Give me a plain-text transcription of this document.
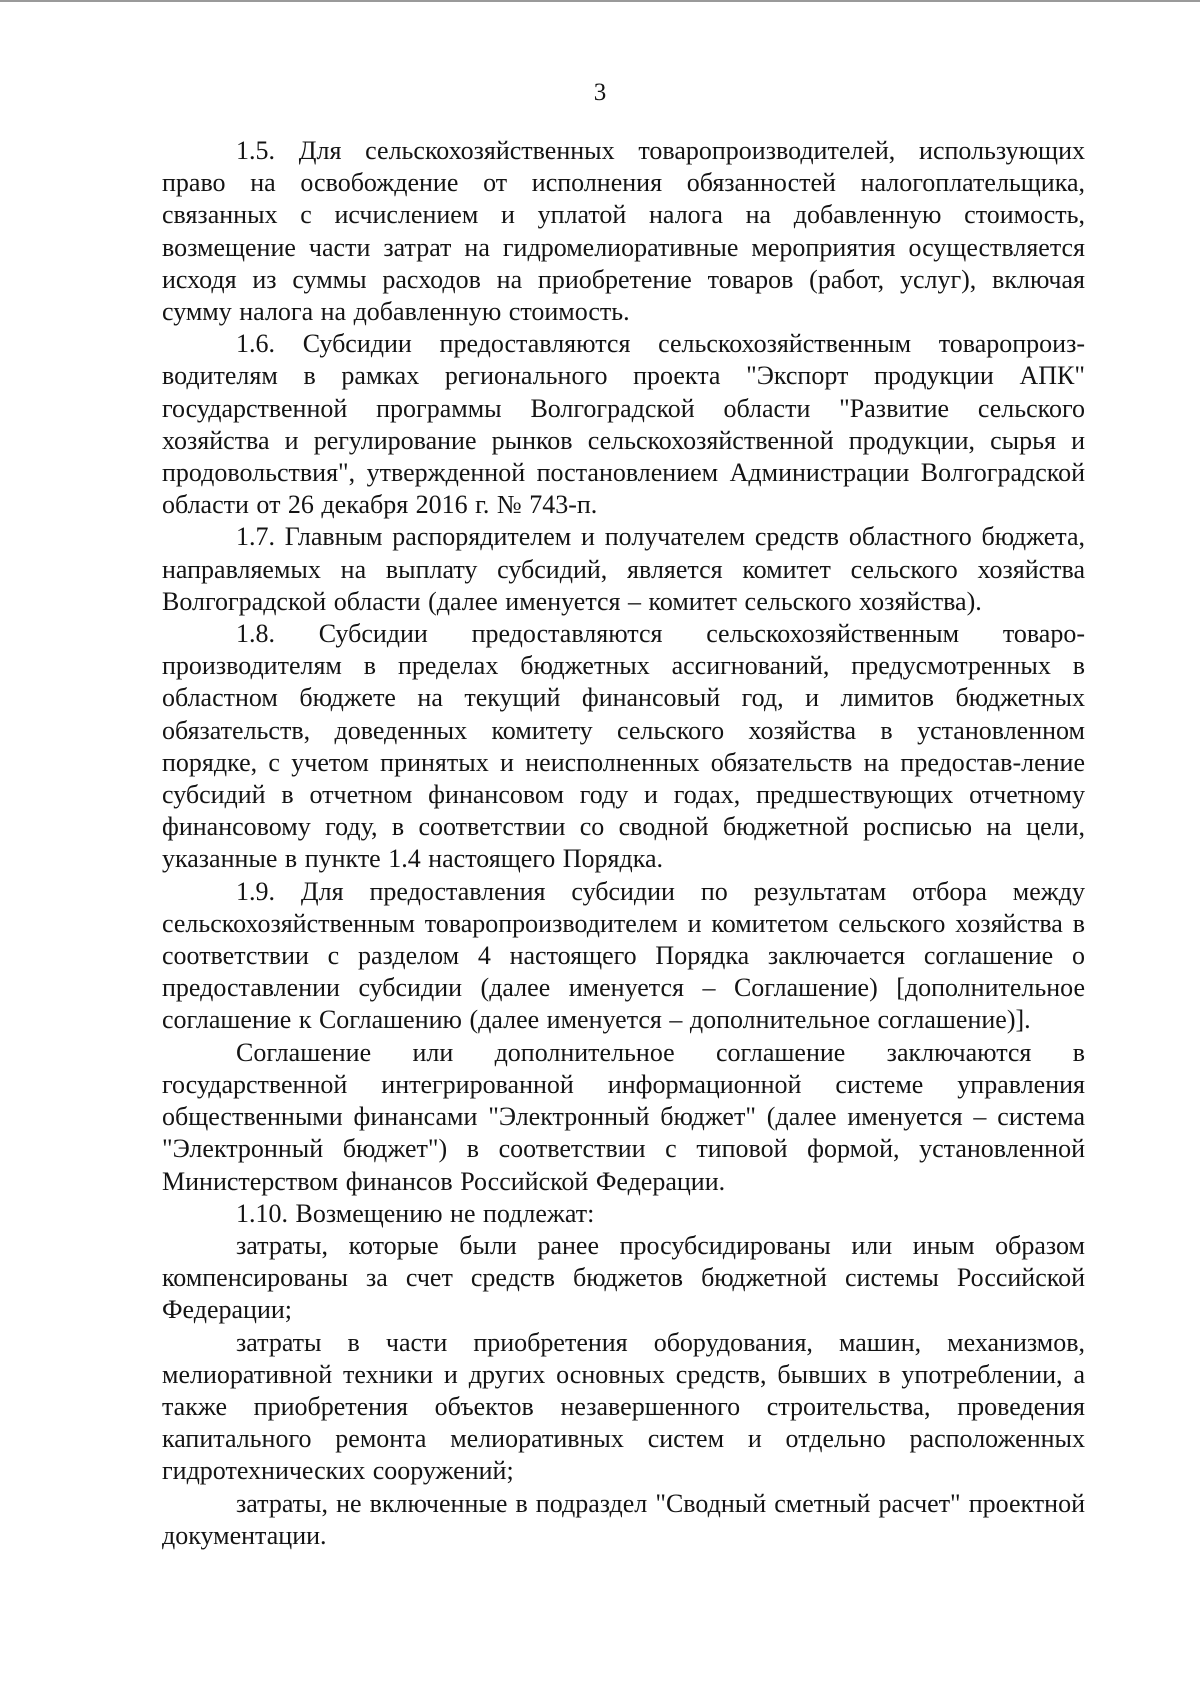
3

1.5. Для сельскохозяйственных товаропроизводителей, использующих право на освобождение от исполнения обязанностей налогоплательщика, связанных с исчислением и уплатой налога на добавленную стоимость, возмещение части затрат на гидромелиоративные мероприятия осуществляется исходя из суммы расходов на приобретение товаров (работ, услуг), включая сумму налога на добавленную стоимость.

1.6. Субсидии предоставляются сельскохозяйственным товаропроиз-водителям в рамках регионального проекта "Экспорт продукции АПК" государственной программы Волгоградской области "Развитие сельского хозяйства и регулирование рынков сельскохозяйственной продукции, сырья и продовольствия", утвержденной постановлением Администрации Волгоградской области от 26 декабря 2016 г. № 743-п.

1.7. Главным распорядителем и получателем средств областного бюджета, направляемых на выплату субсидий, является комитет сельского хозяйства Волгоградской области (далее именуется – комитет сельского хозяйства).

1.8. Субсидии предоставляются сельскохозяйственным товаро-производителям в пределах бюджетных ассигнований, предусмотренных в областном бюджете на текущий финансовый год, и лимитов бюджетных обязательств, доведенных комитету сельского хозяйства в установленном порядке, с учетом принятых и неисполненных обязательств на предостав-ление субсидий в отчетном финансовом году и годах, предшествующих отчетному финансовому году, в соответствии со сводной бюджетной росписью на цели, указанные в пункте 1.4 настоящего Порядка.

1.9. Для предоставления субсидии по результатам отбора между сельскохозяйственным товаропроизводителем и комитетом сельского хозяйства в соответствии с разделом 4 настоящего Порядка заключается соглашение о предоставлении субсидии (далее именуется – Соглашение) [дополнительное соглашение к Соглашению (далее именуется – дополнительное соглашение)].

Соглашение или дополнительное соглашение заключаются в государственной интегрированной информационной системе управления общественными финансами "Электронный бюджет" (далее именуется – система "Электронный бюджет") в соответствии с типовой формой, установленной Министерством финансов Российской Федерации.

1.10. Возмещению не подлежат:

затраты, которые были ранее просубсидированы или иным образом компенсированы за счет средств бюджетов бюджетной системы Российской Федерации;

затраты в части приобретения оборудования, машин, механизмов, мелиоративной техники и других основных средств, бывших в употреблении, а также приобретения объектов незавершенного строительства, проведения капитального ремонта мелиоративных систем и отдельно расположенных гидротехнических сооружений;

затраты, не включенные в подраздел "Сводный сметный расчет" проектной документации.
